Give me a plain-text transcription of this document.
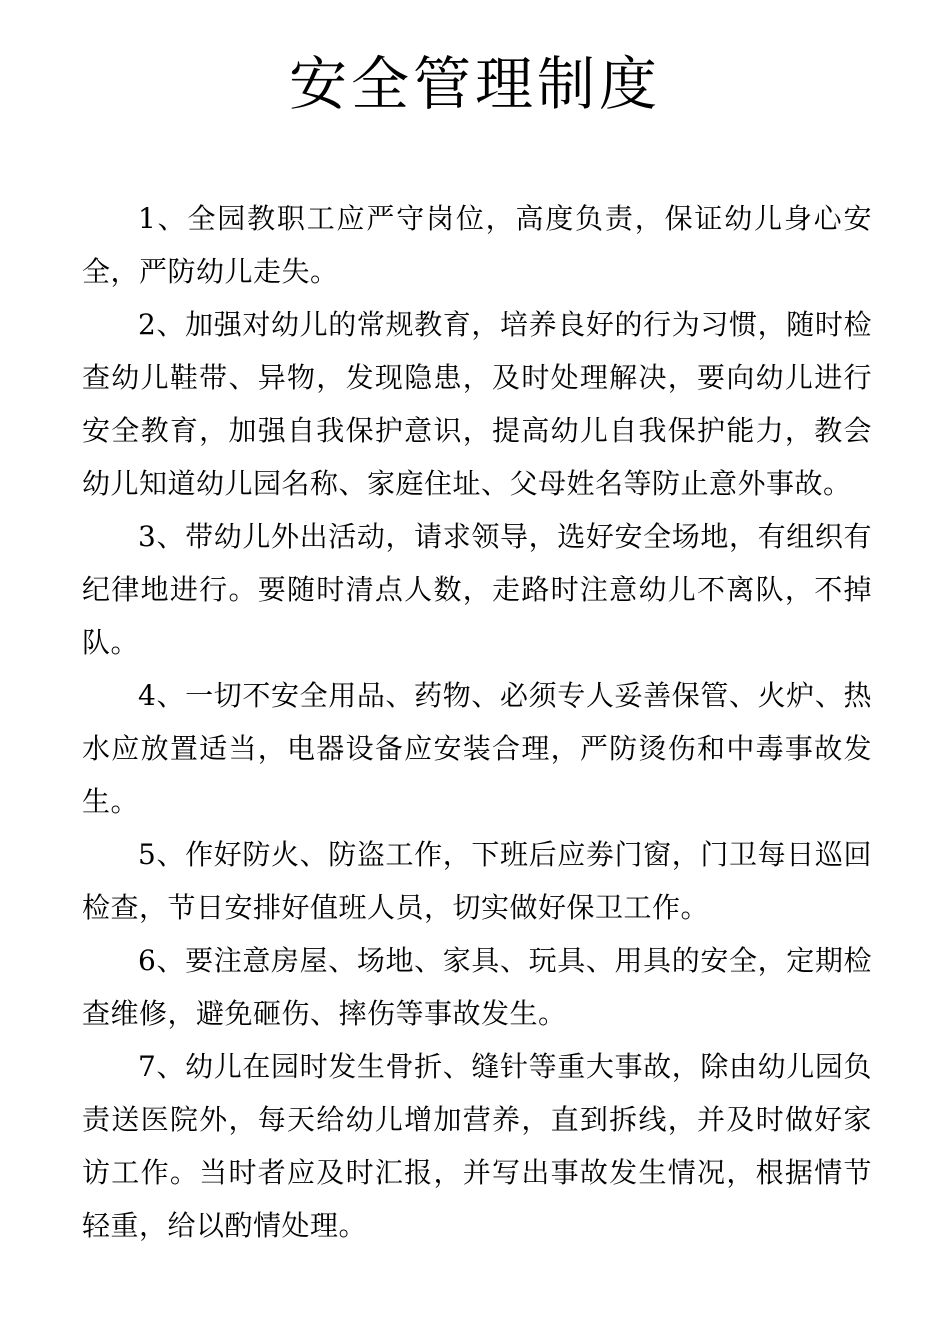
安全管理制度

1、全园教职工应严守岗位，高度负责，保证幼儿身心安全，严防幼儿走失。

2、加强对幼儿的常规教育，培养良好的行为习惯，随时检查幼儿鞋带、异物，发现隐患，及时处理解决，要向幼儿进行安全教育，加强自我保护意识，提高幼儿自我保护能力，教会幼儿知道幼儿园名称、家庭住址、父母姓名等防止意外事故。

3、带幼儿外出活动，请求领导，选好安全场地，有组织有纪律地进行。要随时清点人数，走路时注意幼儿不离队，不掉队。

4、一切不安全用品、药物、必须专人妥善保管、火炉、热水应放置适当，电器设备应安装合理，严防烫伤和中毒事故发生。

5、作好防火、防盗工作，下班后应劵门窗，门卫每日巡回检查，节日安排好值班人员，切实做好保卫工作。

6、要注意房屋、场地、家具、玩具、用具的安全，定期检查维修，避免砸伤、摔伤等事故发生。

7、幼儿在园时发生骨折、缝针等重大事故，除由幼儿园负责送医院外，每天给幼儿增加营养，直到拆线，并及时做好家访工作。当时者应及时汇报，并写出事故发生情况，根据情节轻重，给以酌情处理。
